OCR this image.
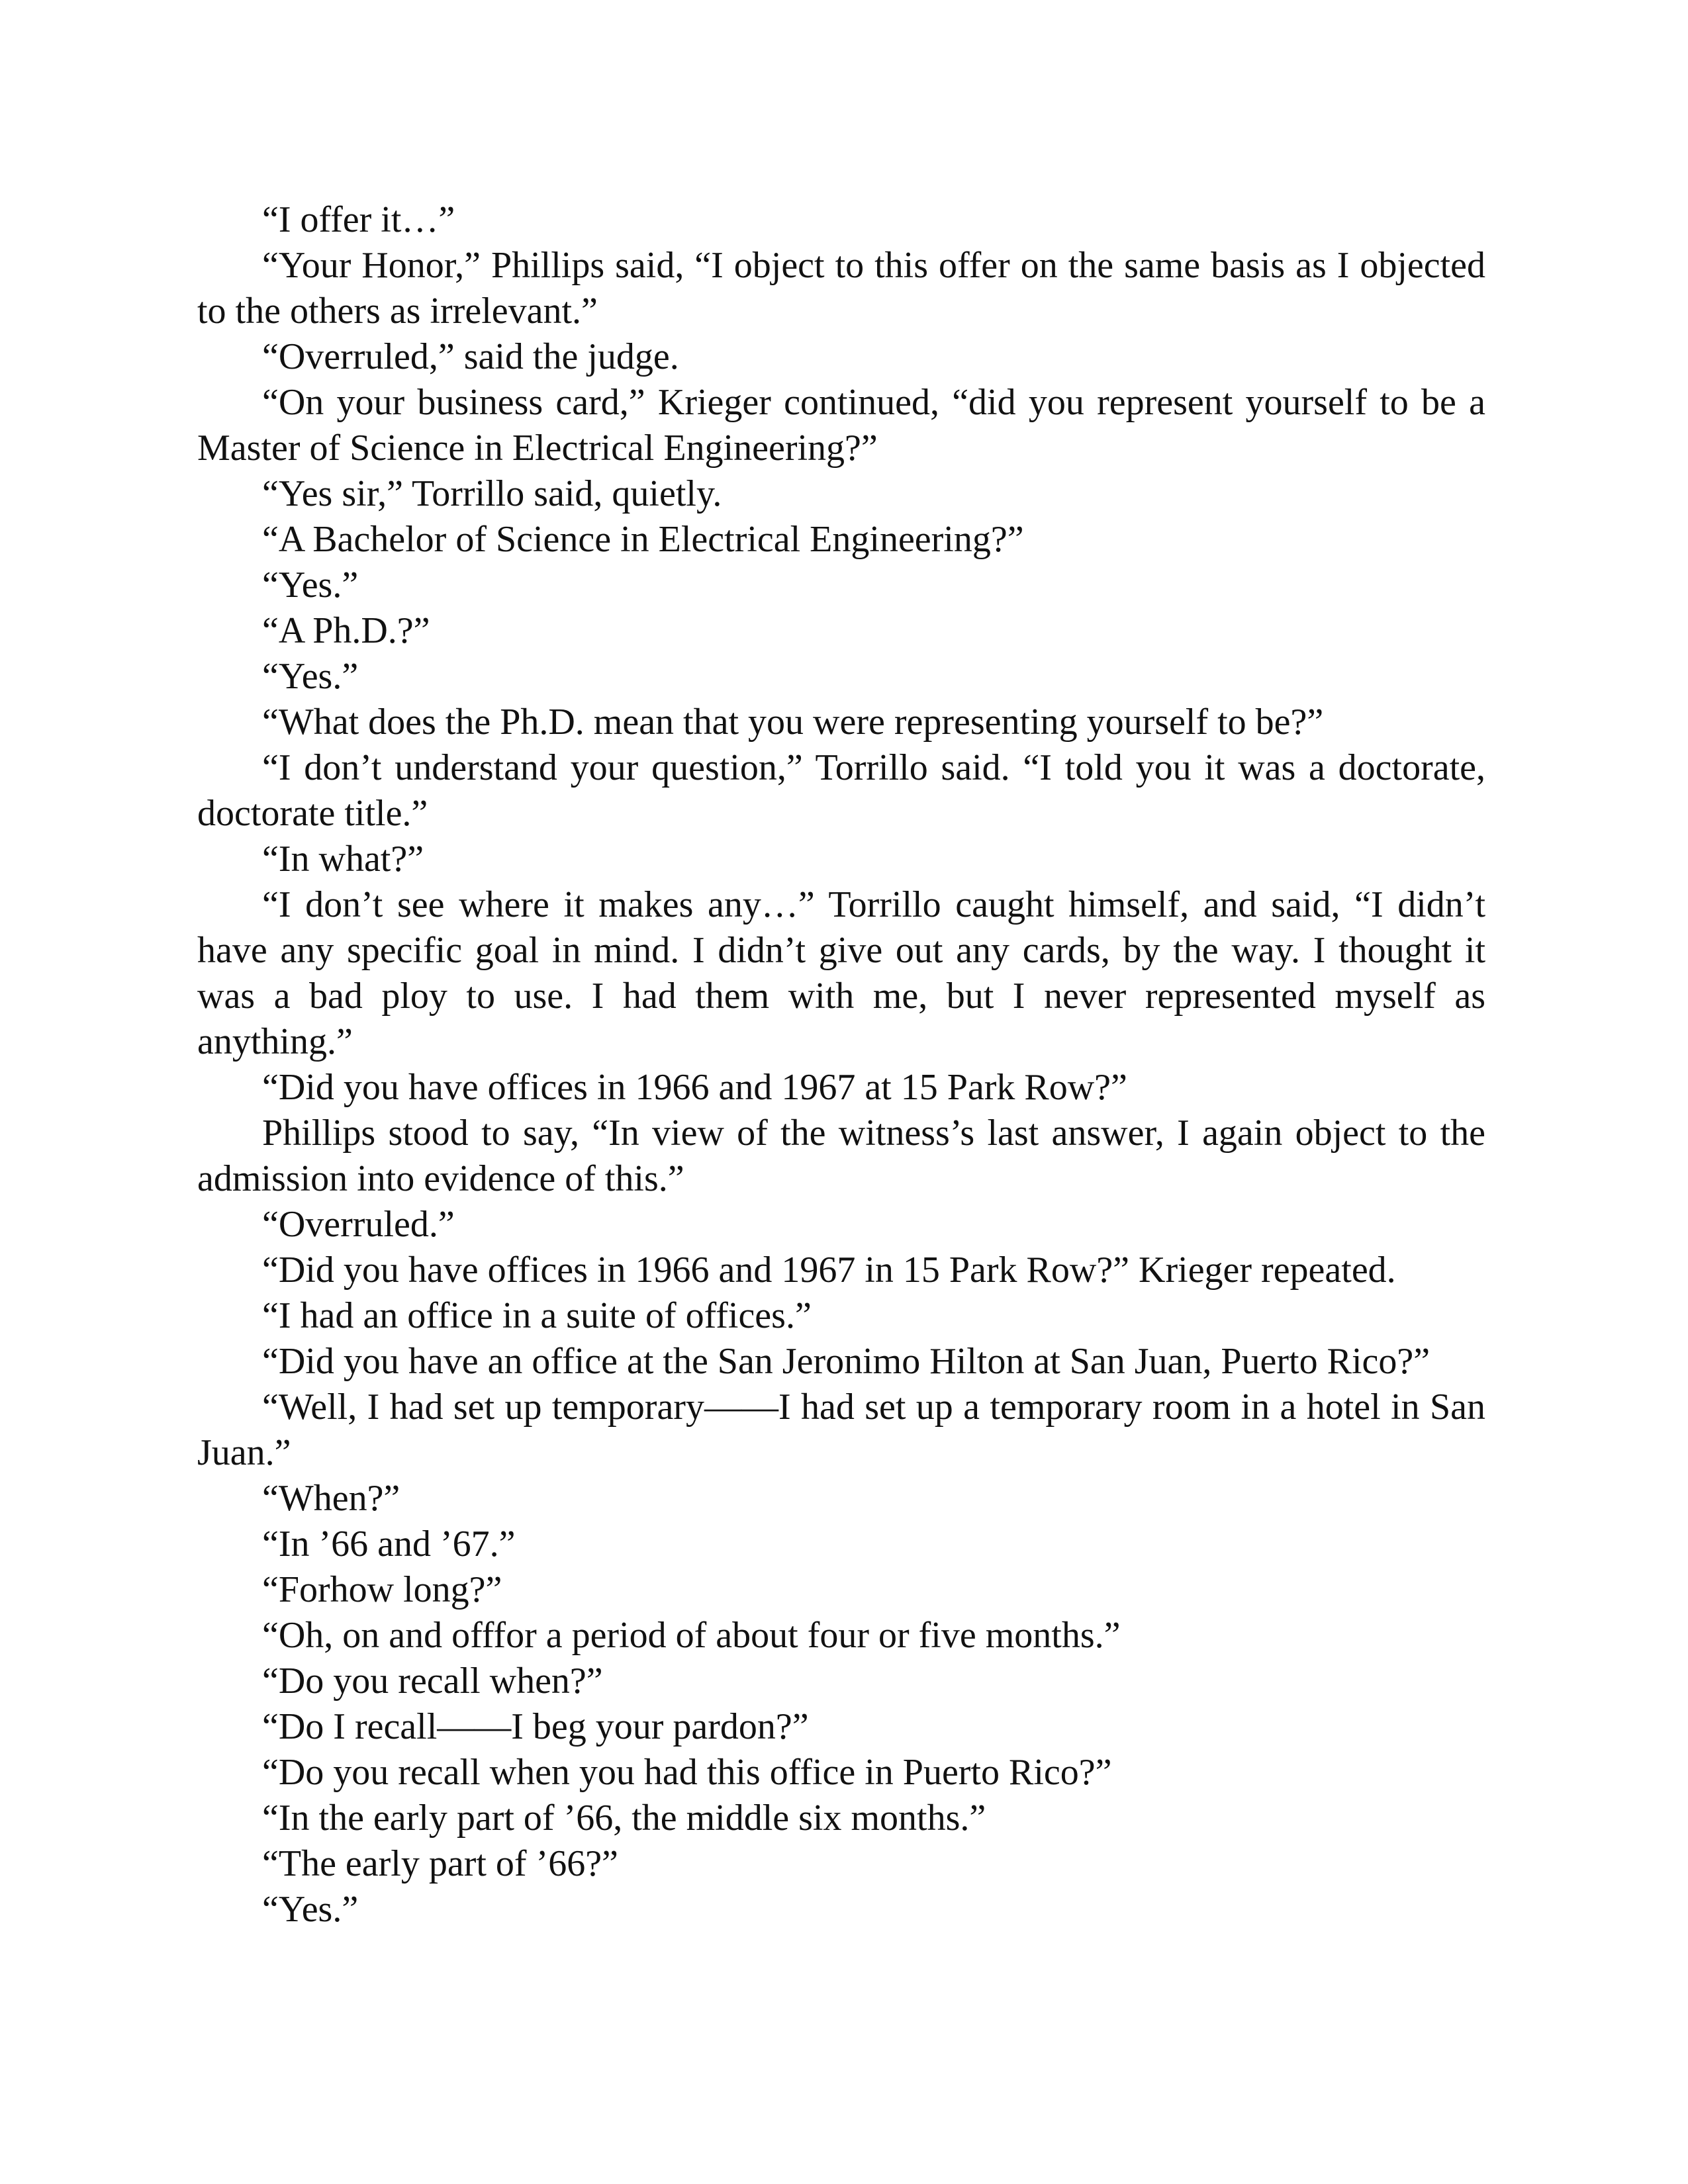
“I offer it…”

“Your Honor,” Phillips said, “I object to this offer on the same basis as I objected to the others as irrelevant.”

“Overruled,” said the judge.

“On your business card,” Krieger continued, “did you represent yourself to be a Master of Science in Electrical Engineering?”

“Yes sir,” Torrillo said, quietly.

“A Bachelor of Science in Electrical Engineering?”

“Yes.”

“A Ph.D.?”

“Yes.”

“What does the Ph.D. mean that you were representing yourself to be?”

“I don’t understand your question,” Torrillo said. “I told you it was a doctorate, doctorate title.”

“In what?”

“I don’t see where it makes any…” Torrillo caught himself, and said, “I didn’t have any specific goal in mind. I didn’t give out any cards, by the way. I thought it was a bad ploy to use. I had them with me, but I never represented myself as anything.”

“Did you have offices in 1966 and 1967 at 15 Park Row?”

Phillips stood to say, “In view of the witness’s last answer, I again object to the admission into evidence of this.”

“Overruled.”

“Did you have offices in 1966 and 1967 in 15 Park Row?” Krieger repeated.

“I had an office in a suite of offices.”

“Did you have an office at the San Jeronimo Hilton at San Juan, Puerto Rico?”

“Well, I had set up temporary——I had set up a temporary room in a hotel in San Juan.”

“When?”

“In ’66 and ’67.”

“Forhow long?”

“Oh, on and offfor a period of about four or five months.”

“Do you recall when?”

“Do I recall——I beg your pardon?”

“Do you recall when you had this office in Puerto Rico?”

“In the early part of ’66, the middle six months.”

“The early part of ’66?”

“Yes.”
